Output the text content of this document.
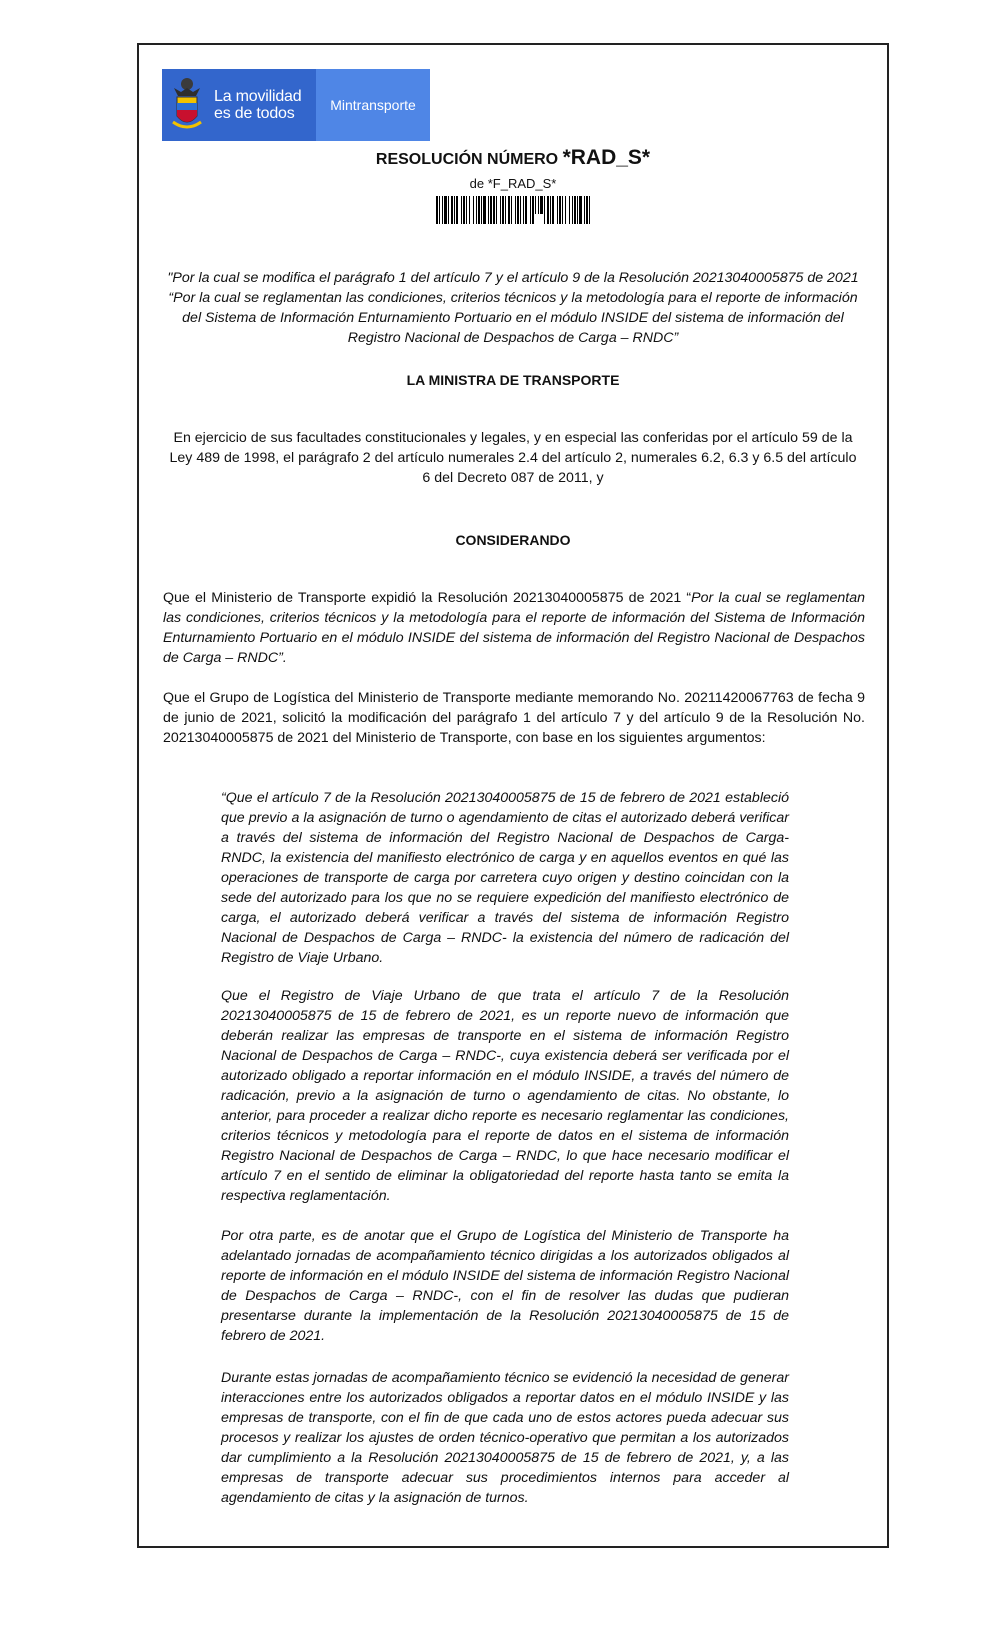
La movilidad
es de todos	Mintransporte
RESOLUCIÓN NÚMERO *RAD_S*
de *F_RAD_S*
"Por la cual se modifica el parágrafo 1 del artículo 7 y el artículo 9 de la Resolución 20213040005875 de 2021 “Por la cual se reglamentan las condiciones, criterios técnicos y la metodología para el reporte de información del Sistema de Información Enturnamiento Portuario en el módulo INSIDE del sistema de información del Registro Nacional de Despachos de Carga – RNDC”
LA MINISTRA DE TRANSPORTE
En ejercicio de sus facultades constitucionales y legales, y en especial las conferidas por el artículo 59 de la Ley 489 de 1998, el parágrafo 2 del artículo numerales 2.4 del artículo 2, numerales 6.2, 6.3 y 6.5 del artículo 6 del Decreto 087 de 2011, y
CONSIDERANDO
Que el Ministerio de Transporte expidió la Resolución 20213040005875 de 2021 “Por la cual se reglamentan las condiciones, criterios técnicos y la metodología para el reporte de información del Sistema de Información Enturnamiento Portuario en el módulo INSIDE del sistema de información del Registro Nacional de Despachos de Carga – RNDC”.
Que el Grupo de Logística del Ministerio de Transporte mediante memorando No. 20211420067763 de fecha 9 de junio de 2021, solicitó la modificación del parágrafo 1 del artículo 7 y del artículo 9 de la Resolución No. 20213040005875 de 2021 del Ministerio de Transporte, con base en los siguientes argumentos:
“Que el artículo 7 de la Resolución 20213040005875 de 15 de febrero de 2021 estableció que previo a la asignación de turno o agendamiento de citas el autorizado deberá verificar a través del sistema de información del Registro Nacional de Despachos de Carga- RNDC, la existencia del manifiesto electrónico de carga y en aquellos eventos en qué las operaciones de transporte de carga por carretera cuyo origen y destino coincidan con la sede del autorizado para los que no se requiere expedición del manifiesto electrónico de carga, el autorizado deberá verificar a través del sistema de información Registro Nacional de Despachos de Carga – RNDC- la existencia del número de radicación del Registro de Viaje Urbano.
Que el Registro de Viaje Urbano de que trata el artículo 7 de la Resolución 20213040005875 de 15 de febrero de 2021, es un reporte nuevo de información que deberán realizar las empresas de transporte en el sistema de información Registro Nacional de Despachos de Carga – RNDC-, cuya existencia deberá ser verificada por el autorizado obligado a reportar información en el módulo INSIDE, a través del número de radicación, previo a la asignación de turno o agendamiento de citas. No obstante, lo anterior, para proceder a realizar dicho reporte es necesario reglamentar las condiciones, criterios técnicos y metodología para el reporte de datos en el sistema de información Registro Nacional de Despachos de Carga – RNDC, lo que hace necesario modificar el artículo 7 en el sentido de eliminar la obligatoriedad del reporte hasta tanto se emita la respectiva reglamentación.
Por otra parte, es de anotar que el Grupo de Logística del Ministerio de Transporte ha adelantado jornadas de acompañamiento técnico dirigidas a los autorizados obligados al reporte de información en el módulo INSIDE del sistema de información Registro Nacional de Despachos de Carga – RNDC-, con el fin de resolver las dudas que pudieran presentarse durante la implementación de la Resolución 20213040005875 de 15 de febrero de 2021.
Durante estas jornadas de acompañamiento técnico se evidenció la necesidad de generar interacciones entre los autorizados obligados a reportar datos en el módulo INSIDE y las empresas de transporte, con el fin de que cada uno de estos actores pueda adecuar sus procesos y realizar los ajustes de orden técnico-operativo que permitan a los autorizados dar cumplimiento a la Resolución 20213040005875 de 15 de febrero de 2021, y, a las empresas de transporte adecuar sus procedimientos internos para acceder al agendamiento de citas y la asignación de turnos.
